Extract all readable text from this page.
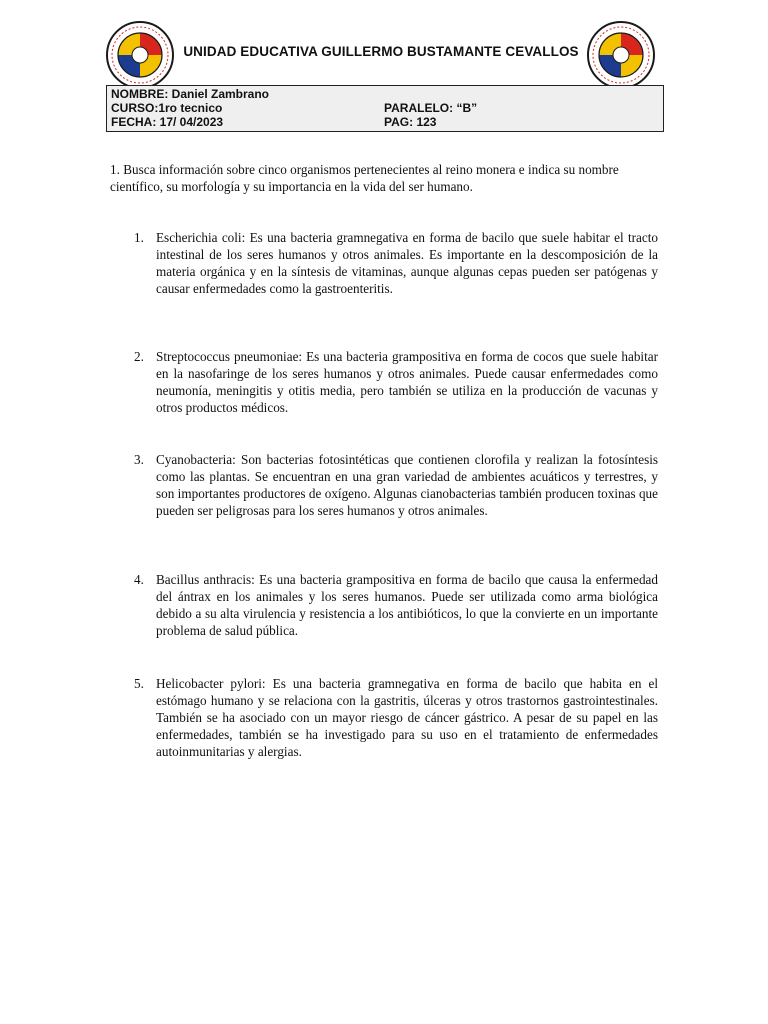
UNIDAD EDUCATIVA GUILLERMO BUSTAMANTE CEVALLOS
NOMBRE: Daniel Zambrano
CURSO:1ro tecnico	PARALELO: “B”
FECHA: 17/ 04/2023	PAG: 123
1. Busca información sobre cinco organismos pertenecientes al reino monera e indica su nombre científico, su morfología y su importancia en la vida del ser humano.
1. Escherichia coli: Es una bacteria gramnegativa en forma de bacilo que suele habitar el tracto intestinal de los seres humanos y otros animales. Es importante en la descomposición de la materia orgánica y en la síntesis de vitaminas, aunque algunas cepas pueden ser patógenas y causar enfermedades como la gastroenteritis.
2. Streptococcus pneumoniae: Es una bacteria grampositiva en forma de cocos que suele habitar en la nasofaringe de los seres humanos y otros animales. Puede causar enfermedades como neumonía, meningitis y otitis media, pero también se utiliza en la producción de vacunas y otros productos médicos.
3. Cyanobacteria: Son bacterias fotosintéticas que contienen clorofila y realizan la fotosíntesis como las plantas. Se encuentran en una gran variedad de ambientes acuáticos y terrestres, y son importantes productores de oxígeno. Algunas cianobacterias también producen toxinas que pueden ser peligrosas para los seres humanos y otros animales.
4. Bacillus anthracis: Es una bacteria grampositiva en forma de bacilo que causa la enfermedad del ántrax en los animales y los seres humanos. Puede ser utilizada como arma biológica debido a su alta virulencia y resistencia a los antibióticos, lo que la convierte en un importante problema de salud pública.
5. Helicobacter pylori: Es una bacteria gramnegativa en forma de bacilo que habita en el estómago humano y se relaciona con la gastritis, úlceras y otros trastornos gastrointestinales. También se ha asociado con un mayor riesgo de cáncer gástrico. A pesar de su papel en las enfermedades, también se ha investigado para su uso en el tratamiento de enfermedades autoinmunitarias y alergias.
